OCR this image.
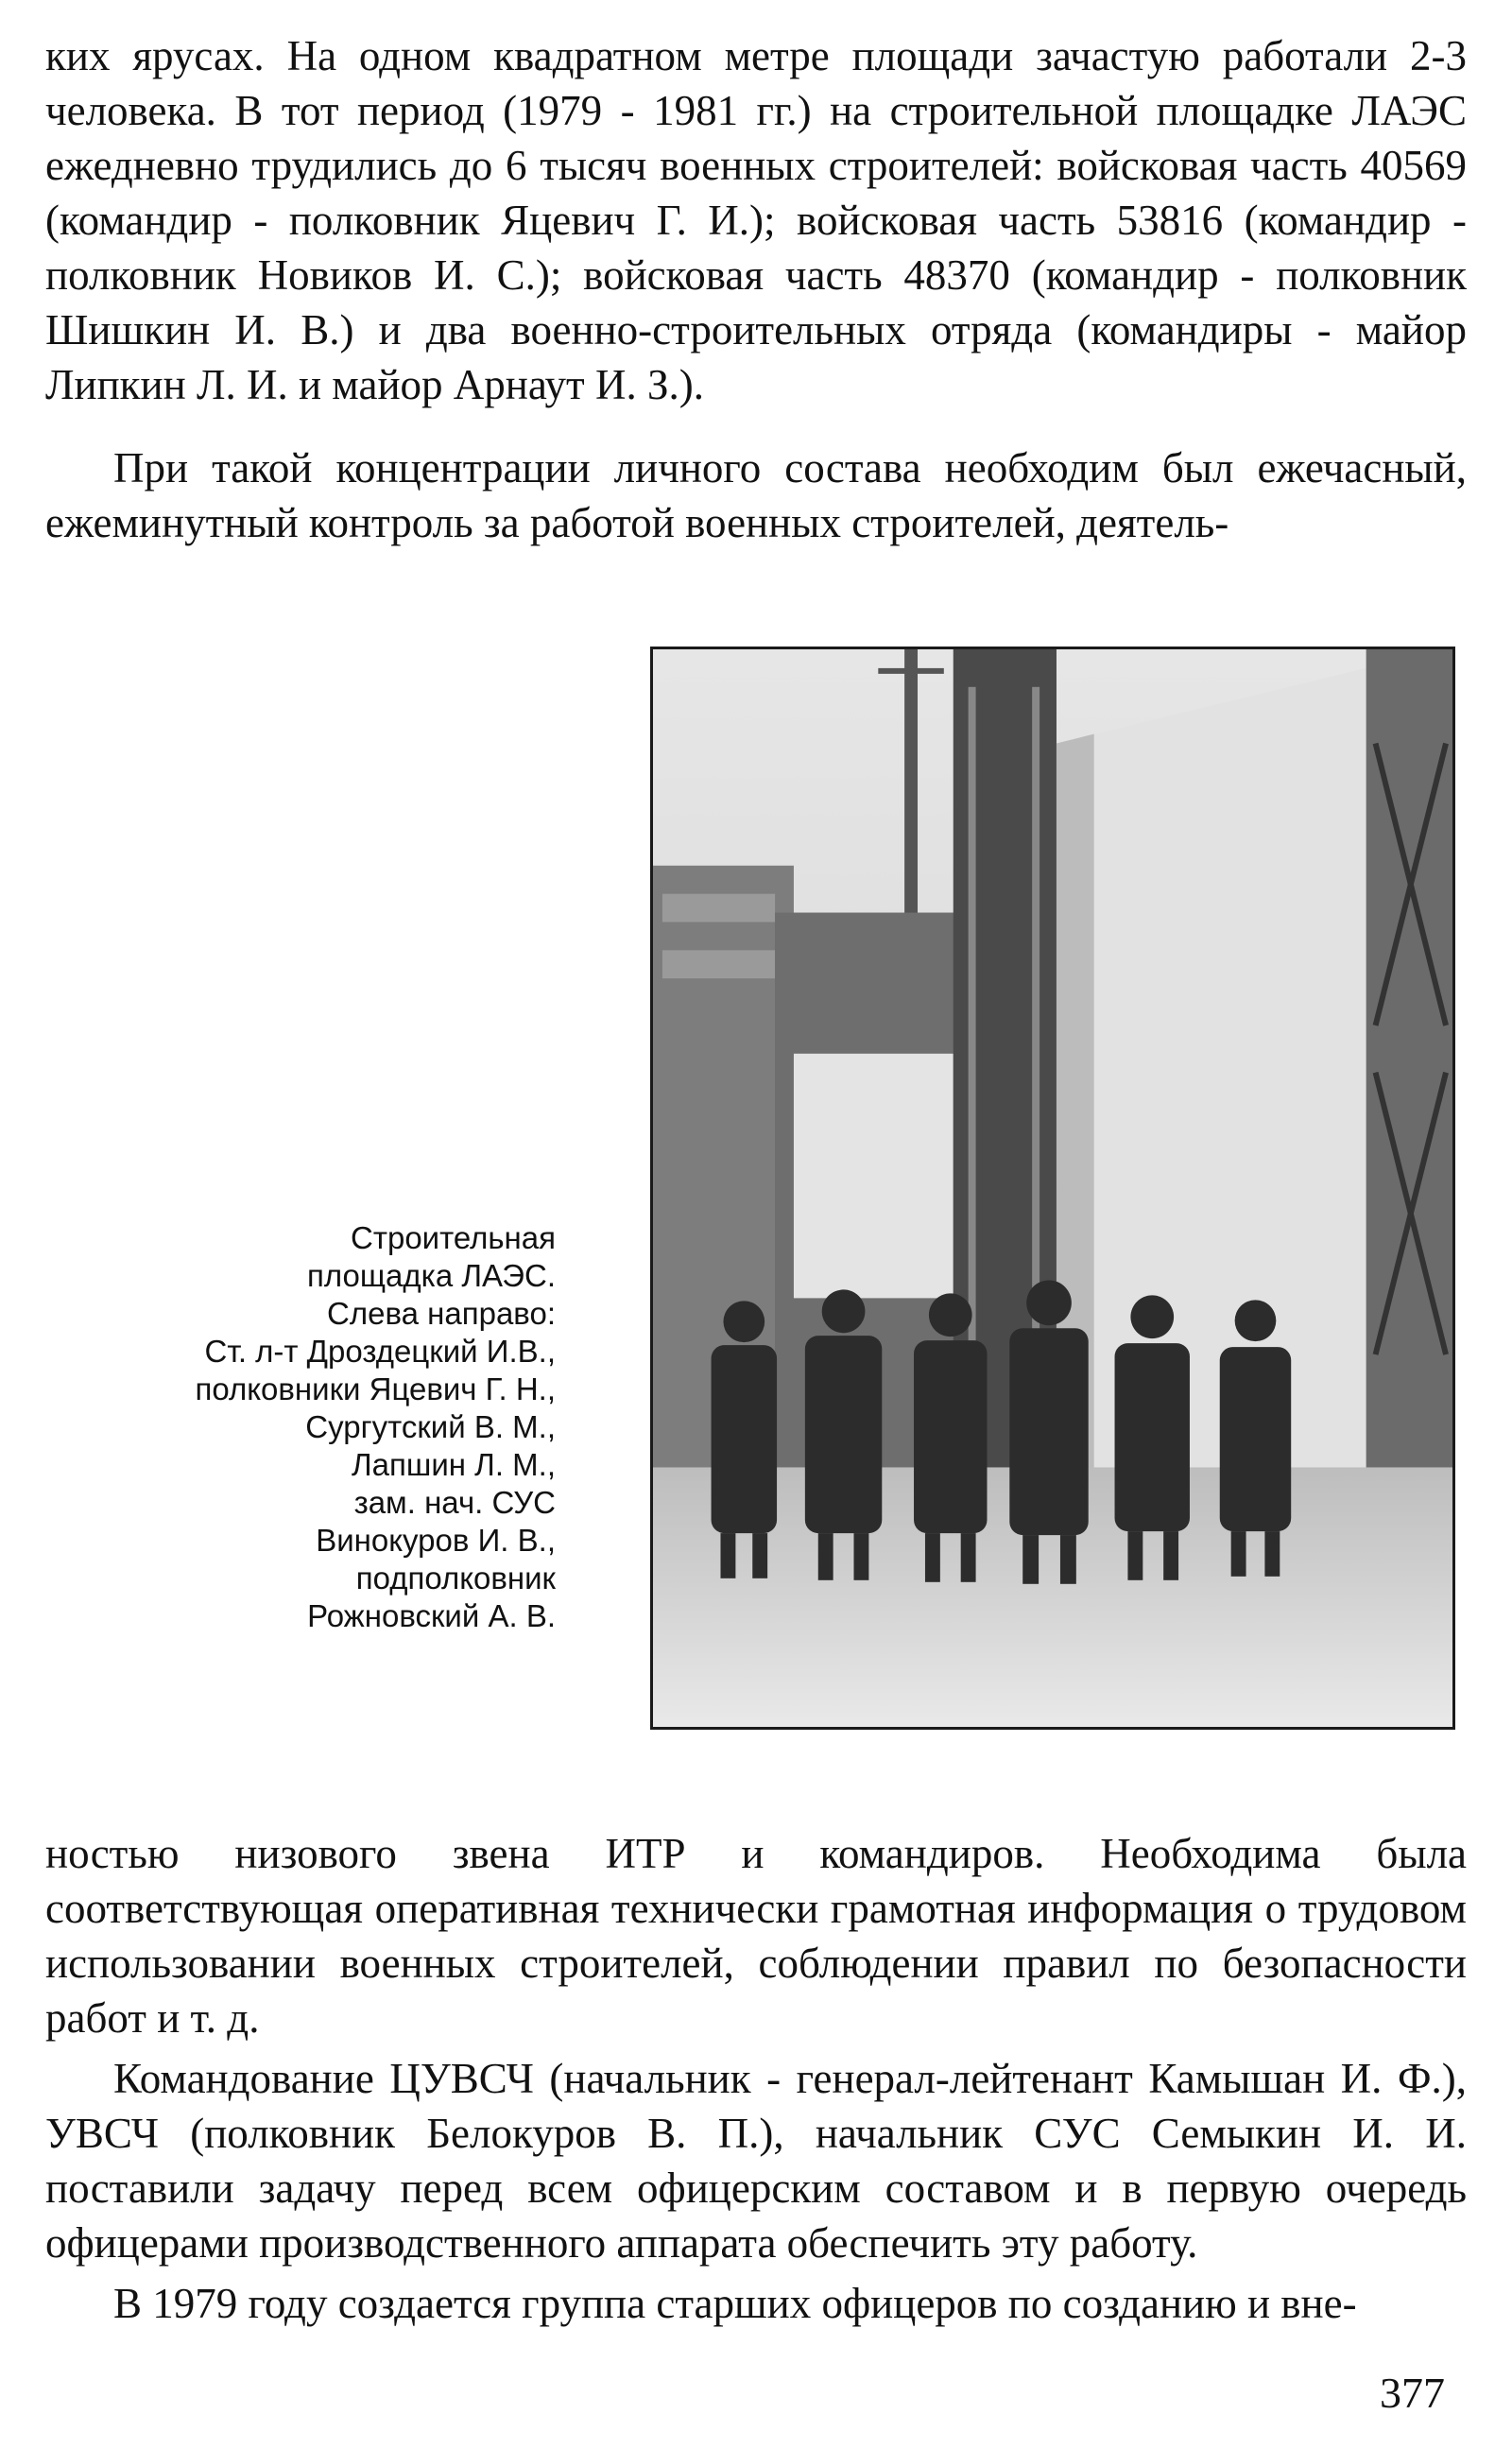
ких ярусах. На одном квадратном метре площади зачастую работали 2-3 человека. В тот период (1979 - 1981 гг.) на строительной площадке ЛАЭС ежедневно трудились до 6 тысяч военных строителей: войсковая часть 40569 (командир - полковник Яцевич Г. И.); войсковая часть 53816 (командир - полковник Новиков И. С.); войсковая часть 48370 (командир - полковник Шишкин И. В.) и два военно-строительных отряда (командиры - майор Липкин Л. И. и майор Арнаут И. З.).

При такой концентрации личного состава необходим был ежечасный, ежеминутный контроль за работой военных строителей, деятель-

Строительная
площадка ЛАЭС.
Слева направо:
Ст. л-т Дроздецкий И.В.,
полковники Яцевич Г. Н.,
Сургутский В. М.,
Лапшин Л. М.,
зам. нач. СУС
Винокуров И. В.,
подполковник
Рожновский А. В.

ностью низового звена ИТР и командиров. Необходима была соответствующая оперативная технически грамотная информация о трудовом использовании военных строителей, соблюдении правил по безопасности работ и т. д.

Командование ЦУВСЧ (начальник - генерал-лейтенант Камышан И. Ф.), УВСЧ (полковник Белокуров В. П.), начальник СУС Семыкин И. И. поставили задачу перед всем офицерским составом и в первую очередь офицерами производственного аппарата обеспечить эту работу.

В 1979 году создается группа старших офицеров по созданию и вне-

377
